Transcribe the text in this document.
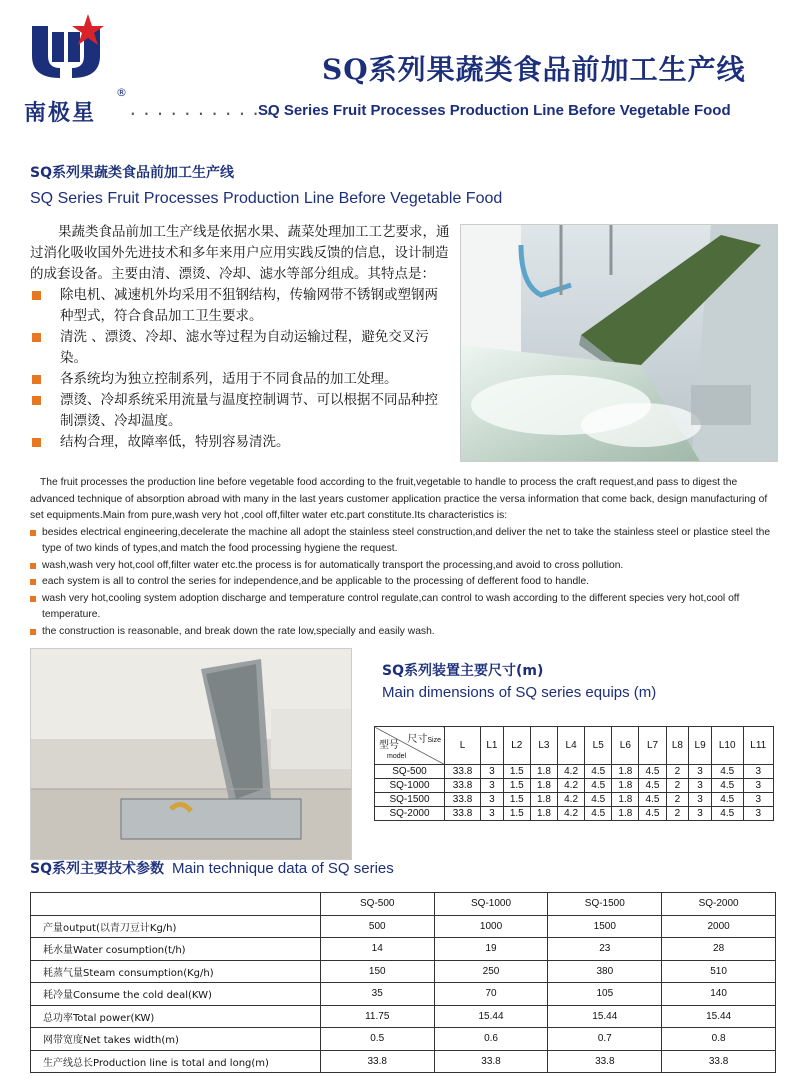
®
南极星 ...........
SQ系列果蔬类食品前加工生产线
SQ Series Fruit Processes Production Line Before Vegetable Food
SQ系列果蔬类食品前加工生产线
SQ Series Fruit Processes Production Line Before Vegetable Food

果蔬类食品前加工生产线是依据水果、蔬菜处理加工工艺要求，通过消化吸收国外先进技术和多年来用户应用实践反馈的信息，设计制造的成套设备。主要由清、漂烫、冷却、滤水等部分组成。其特点是：

除电机、减速机外均采用不狙钢结构，传输网带不锈钢或塑钢两种型式，符合食品加工卫生要求。
清洗 、漂烫、冷却、滤水等过程为自动运输过程，避免交叉污染。
各系统均为独立控制系列，适用于不同食品的加工处理。
漂烫、冷却系统采用流量与温度控制调节、可以根据不同品种控制漂烫、冷却温度。
结构合理，故障率低，特别容易清洗。

The fruit processes the production line before vegetable food according to the fruit,vegetable to handle to process the craft request,and pass to digest the advanced technique of absorption abroad with many in the last years customer application practice the versa information that come back, design manufacturing of set equipments.Main from pure,wash very hot ,cool off,filter water etc.part constitute.Its characteristics is:

besides electrical engineering,decelerate the machine all adopt the stainless steel construction,and deliver the net to take the stainless steel or plastice steel the type of two kinds of types,and match the food processing hygiene the request.
wash,wash very hot,cool off,filter water etc.the process is for automatically transport the processing,and avoid to cross pollution.
each system is all to control the series for independence,and be applicable to the processing of defferent food to handle.
wash very hot,cooling system adoption discharge and temperature control regulate,can control to wash according to the different species very hot,cool off temperature.
the construction is reasonable, and break down the rate low,specially and easily wash.
SQ系列装置主要尺寸(m)
Main dimensions of SQ series equips (m)
尺寸Size
型号
model	L	L1	L2	L3	L4	L5	L6	L7	L8	L9	L10	L11
SQ-500	33.8	3	1.5	1.8	4.2	4.5	1.8	4.5	2	3	4.5	3
SQ-1000	33.8	3	1.5	1.8	4.2	4.5	1.8	4.5	2	3	4.5	3
SQ-1500	33.8	3	1.5	1.8	4.2	4.5	1.8	4.5	2	3	4.5	3
SQ-2000	33.8	3	1.5	1.8	4.2	4.5	1.8	4.5	2	3	4.5	3
SQ系列主要技术参数 Main technique data of SQ series
	SQ-500	SQ-1000	SQ-1500	SQ-2000
产量output(以青刀豆计Kg/h)	500	1000	1500	2000
耗水量Water cosumption(t/h)	14	19	23	28
耗蒸气量Steam consumption(Kg/h)	150	250	380	510
耗冷量Consume the cold deal(KW)	35	70	105	140
总功率Total power(KW)	11.75	15.44	15.44	15.44
网带宽度Net takes width(m)	0.5	0.6	0.7	0.8
生产线总长Production line is total and long(m)	33.8	33.8	33.8	33.8
